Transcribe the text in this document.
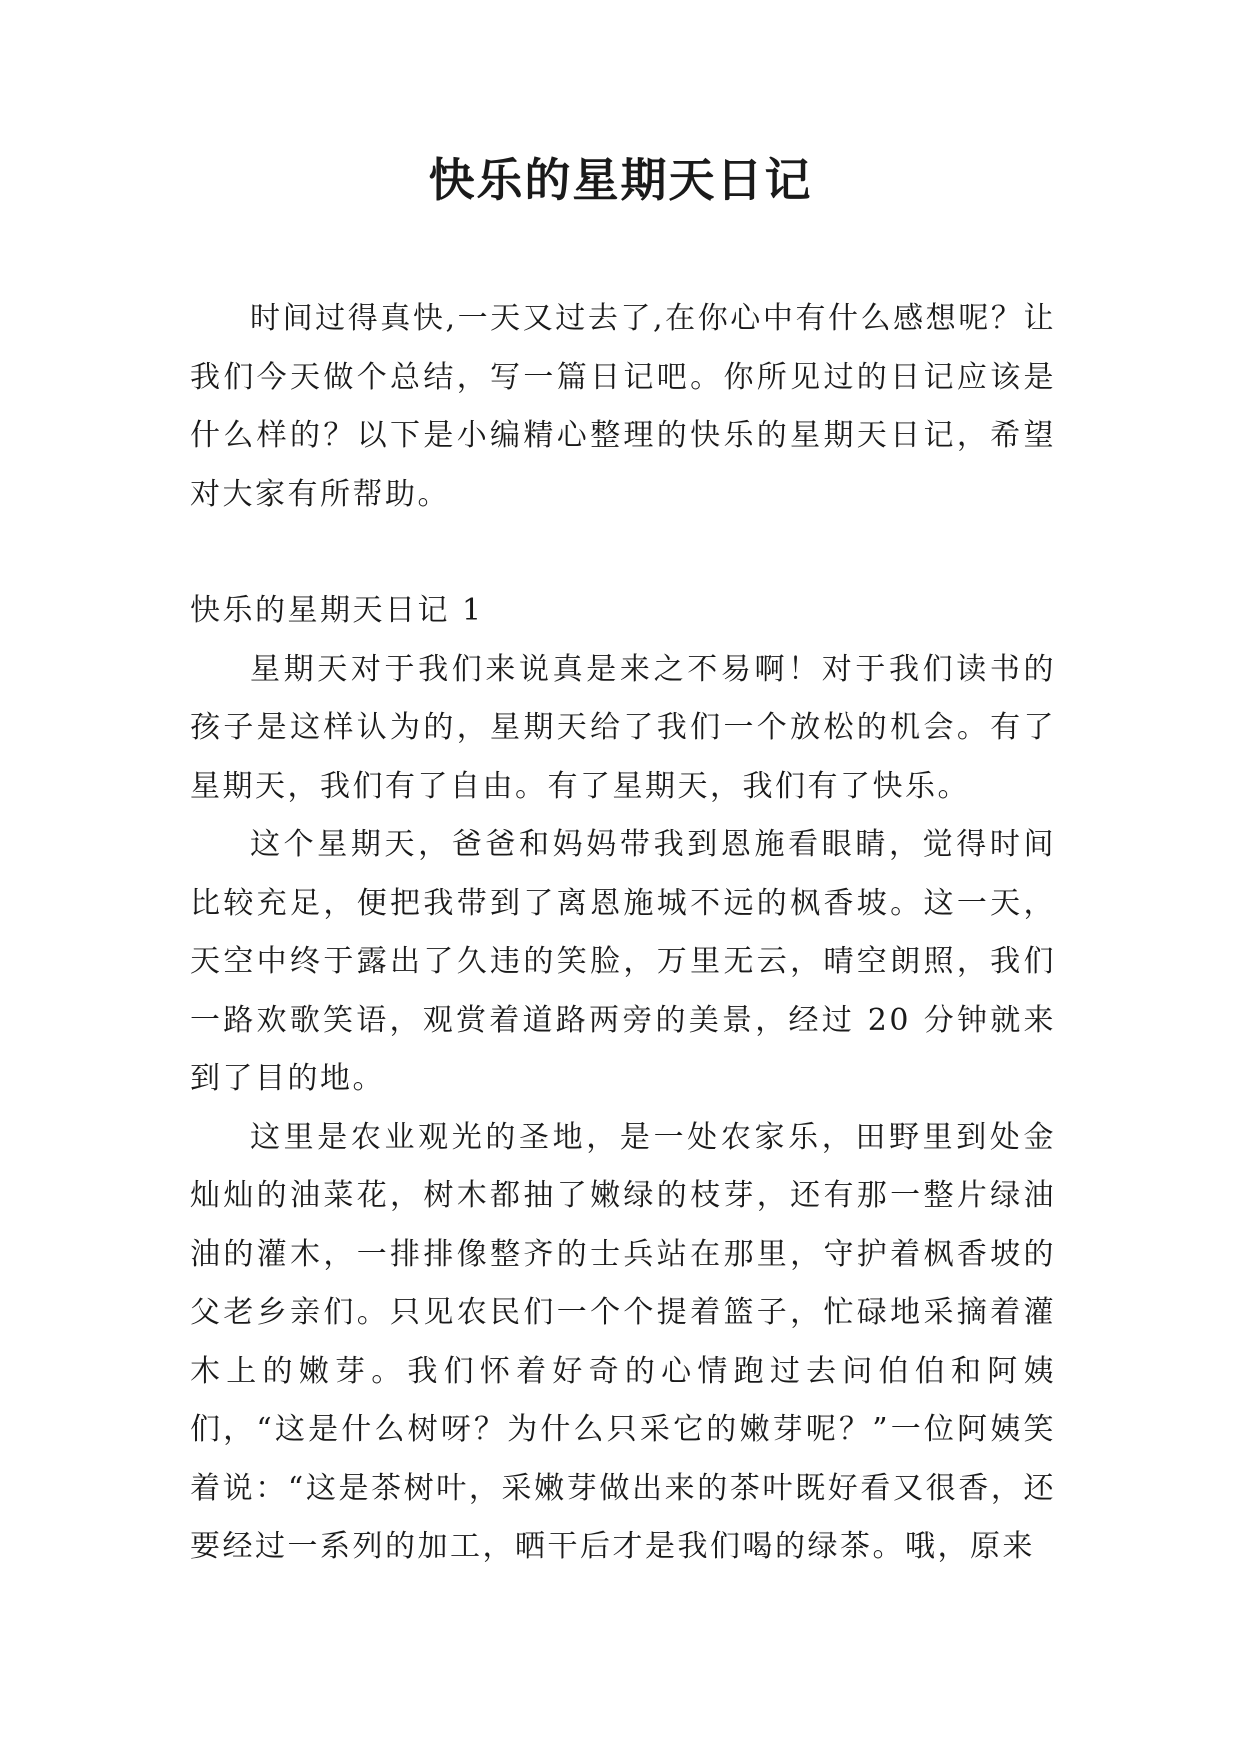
快乐的星期天日记

时间过得真快,一天又过去了,在你心中有什么感想呢？让我们今天做个总结，写一篇日记吧。你所见过的日记应该是什么样的？以下是小编精心整理的快乐的星期天日记，希望对大家有所帮助。

快乐的星期天日记 1

星期天对于我们来说真是来之不易啊！对于我们读书的孩子是这样认为的，星期天给了我们一个放松的机会。有了星期天，我们有了自由。有了星期天，我们有了快乐。

这个星期天，爸爸和妈妈带我到恩施看眼睛，觉得时间比较充足，便把我带到了离恩施城不远的枫香坡。这一天，天空中终于露出了久违的笑脸，万里无云，晴空朗照，我们一路欢歌笑语，观赏着道路两旁的美景，经过 20 分钟就来到了目的地。

这里是农业观光的圣地，是一处农家乐，田野里到处金灿灿的油菜花，树木都抽了嫩绿的枝芽，还有那一整片绿油油的灌木，一排排像整齐的士兵站在那里，守护着枫香坡的父老乡亲们。只见农民们一个个提着篮子，忙碌地采摘着灌木上的嫩芽。我们怀着好奇的心情跑过去问伯伯和阿姨们，“这是什么树呀？为什么只采它的嫩芽呢？”一位阿姨笑着说：“这是茶树叶，采嫩芽做出来的茶叶既好看又很香，还要经过一系列的加工，晒干后才是我们喝的绿茶。哦，原来
